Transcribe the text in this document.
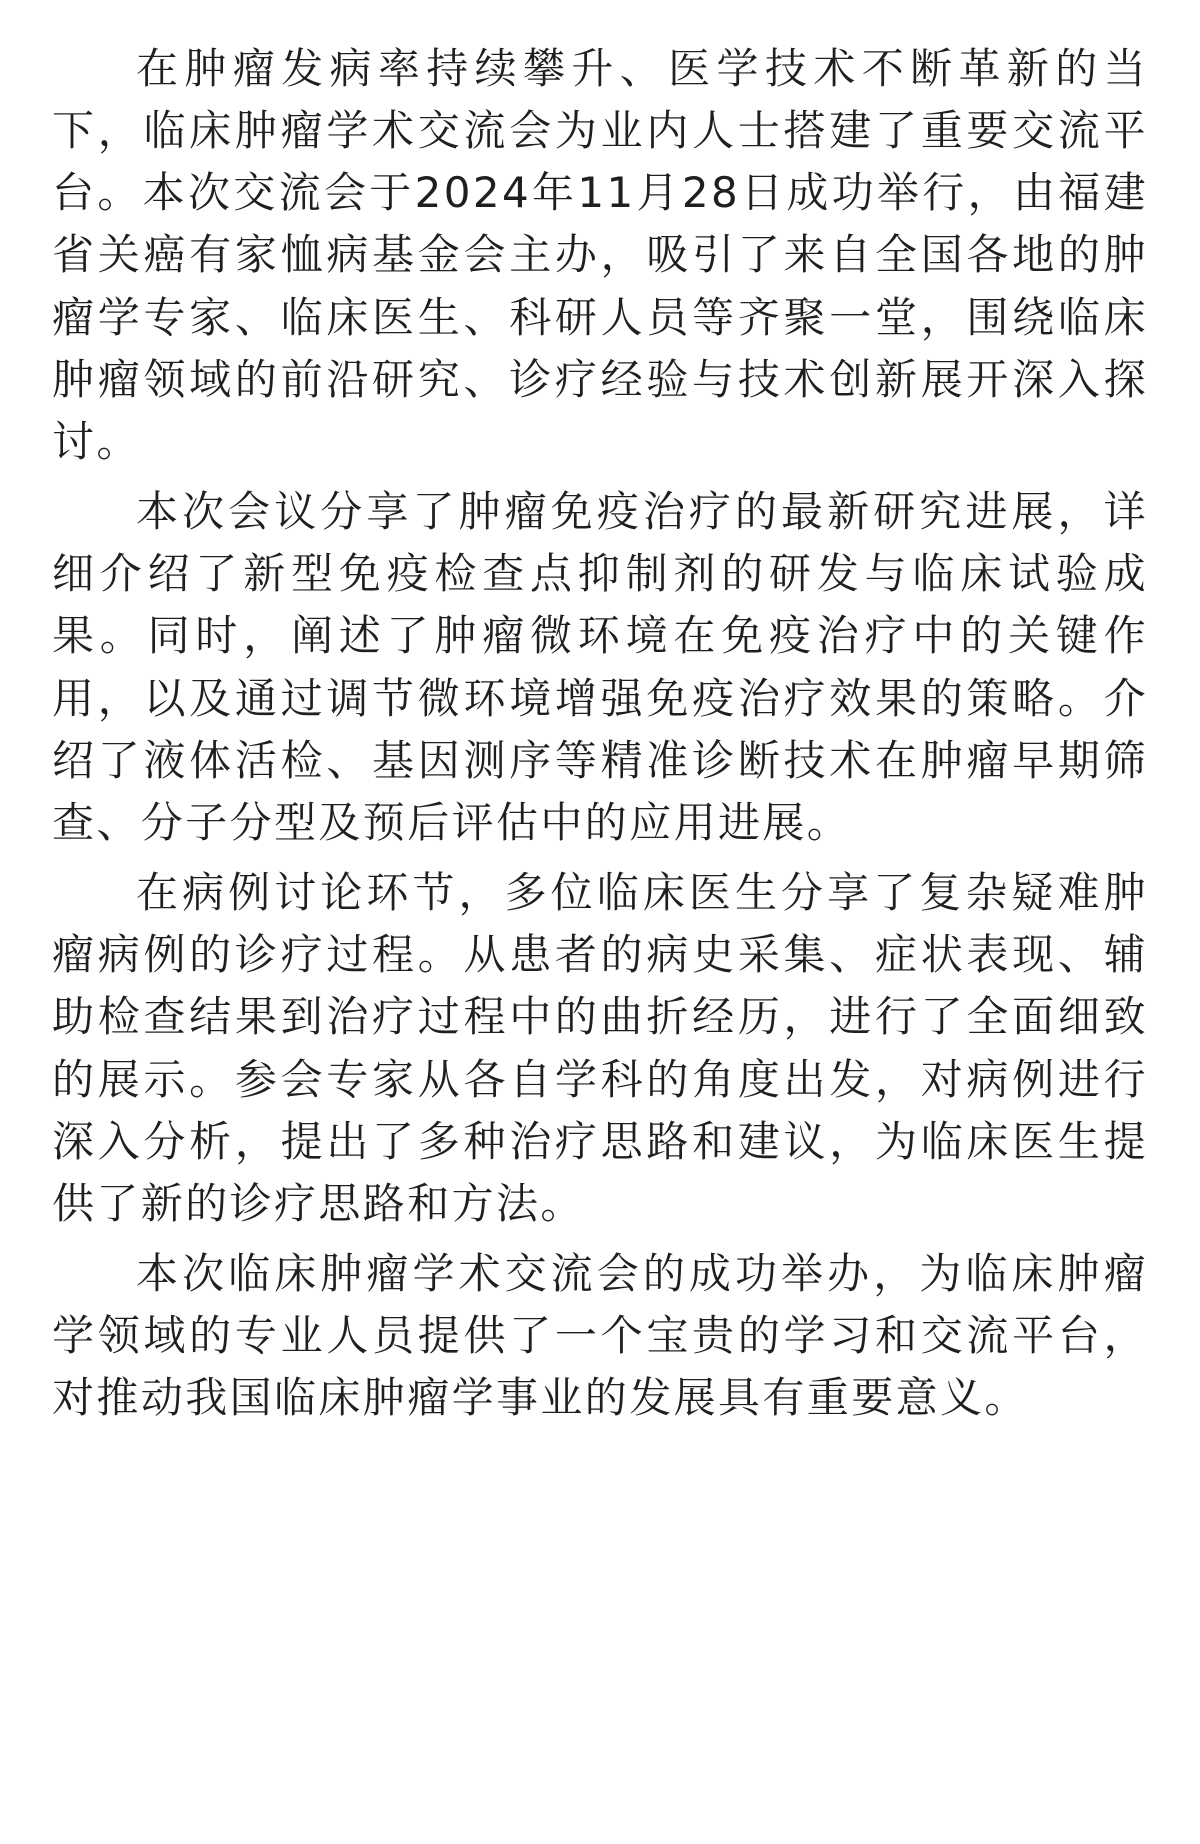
在肿瘤发病率持续攀升、医学技术不断革新的当下，临床肿瘤学术交流会为业内人士搭建了重要交流平台。本次交流会于2024年11月28日成功举行，由福建省关癌有家恤病基金会主办，吸引了来自全国各地的肿瘤学专家、临床医生、科研人员等齐聚一堂，围绕临床肿瘤领域的前沿研究、诊疗经验与技术创新展开深入探讨。

本次会议分享了肿瘤免疫治疗的最新研究进展，详细介绍了新型免疫检查点抑制剂的研发与临床试验成果。同时，阐述了肿瘤微环境在免疫治疗中的关键作用，以及通过调节微环境增强免疫治疗效果的策略。介绍了液体活检、基因测序等精准诊断技术在肿瘤早期筛查、分子分型及预后评估中的应用进展。

在病例讨论环节，多位临床医生分享了复杂疑难肿瘤病例的诊疗过程。从患者的病史采集、症状表现、辅助检查结果到治疗过程中的曲折经历，进行了全面细致的展示。参会专家从各自学科的角度出发，对病例进行深入分析，提出了多种治疗思路和建议，为临床医生提供了新的诊疗思路和方法。

本次临床肿瘤学术交流会的成功举办，为临床肿瘤学领域的专业人员提供了一个宝贵的学习和交流平台，对推动我国临床肿瘤学事业的发展具有重要意义。
